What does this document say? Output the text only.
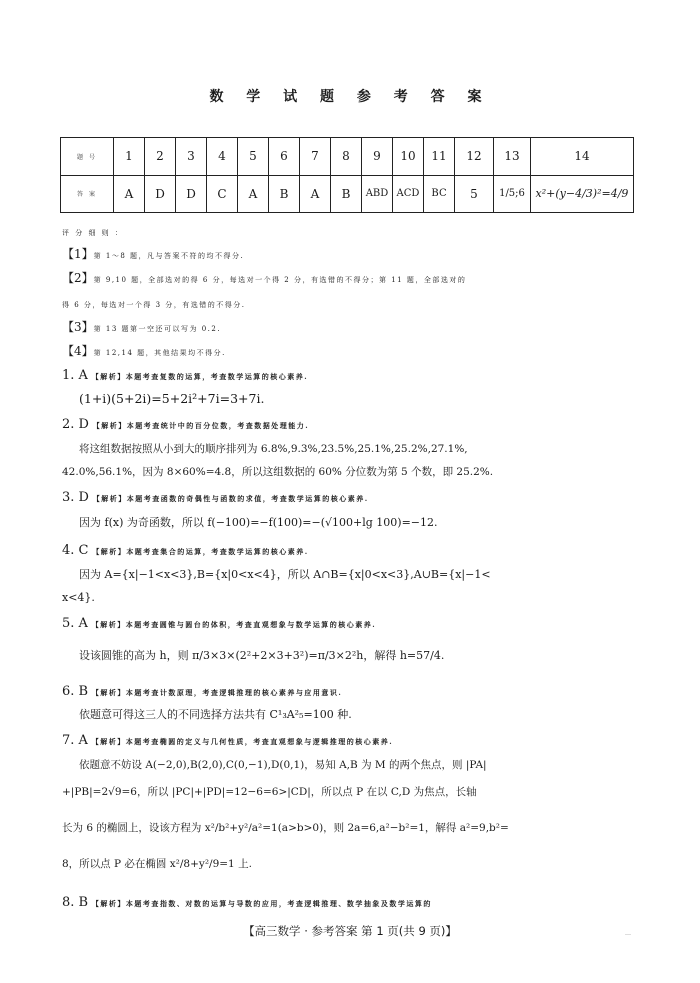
数 学 试 题 参 考 答 案
题 号	1	2	3	4	5	6	7	8	9	10	11	12	13	14
答 案	A	D	D	C	A	B	A	B	ABD	ACD	BC	5	1/5;6	x²+(y−4/3)²=4/9
评 分 细 则 ：
【1】第 1～8 题，凡与答案不符的均不得分.
【2】第 9,10 题，全部选对的得 6 分，每选对一个得 2 分，有选错的不得分；第 11 题，全部选对的
得 6 分，每选对一个得 3 分，有选错的不得分.
【3】第 13 题第一空还可以写为 0.2.
【4】第 12,14 题，其他结果均不得分.
1. A 【解析】本题考查复数的运算，考查数学运算的核心素养.
(1+i)(5+2i)=5+2i²+7i=3+7i.
2. D 【解析】本题考查统计中的百分位数，考查数据处理能力.
将这组数据按照从小到大的顺序排列为 6.8%,9.3%,23.5%,25.1%,25.2%,27.1%,
42.0%,56.1%，因为 8×60%=4.8，所以这组数据的 60% 分位数为第 5 个数，即 25.2%.
3. D 【解析】本题考查函数的奇偶性与函数的求值，考查数学运算的核心素养.
因为 f(x) 为奇函数，所以 f(−100)=−f(100)=−(√100+lg 100)=−12.
4. C 【解析】本题考查集合的运算，考查数学运算的核心素养.
因为 A={x|−1<x<3},B={x|0<x<4}，所以 A∩B={x|0<x<3},A∪B={x|−1<
x<4}.
5. A 【解析】本题考查圆锥与圆台的体积，考查直观想象与数学运算的核心素养.
设该圆锥的高为 h，则 π/3×3×(2²+2×3+3²)=π/3×2²h，解得 h=57/4.
6. B 【解析】本题考查计数原理，考查逻辑推理的核心素养与应用意识.
依题意可得这三人的不同选择方法共有 C¹₃A²₅=100 种.
7. A 【解析】本题考查椭圆的定义与几何性质，考查直观想象与逻辑推理的核心素养.
依题意不妨设 A(−2,0),B(2,0),C(0,−1),D(0,1)，易知 A,B 为 M 的两个焦点，则 |PA|
+|PB|=2√9=6，所以 |PC|+|PD|=12−6=6>|CD|，所以点 P 在以 C,D 为焦点，长轴
长为 6 的椭圆上，设该方程为 x²/b²+y²/a²=1(a>b>0)，则 2a=6,a²−b²=1，解得 a²=9,b²=
8，所以点 P 必在椭圆 x²/8+y²/9=1 上.
8. B 【解析】本题考查指数、对数的运算与导数的应用，考查逻辑推理、数学抽象及数学运算的
【高三数学 · 参考答案 第 1 页(共 9 页)】	…
